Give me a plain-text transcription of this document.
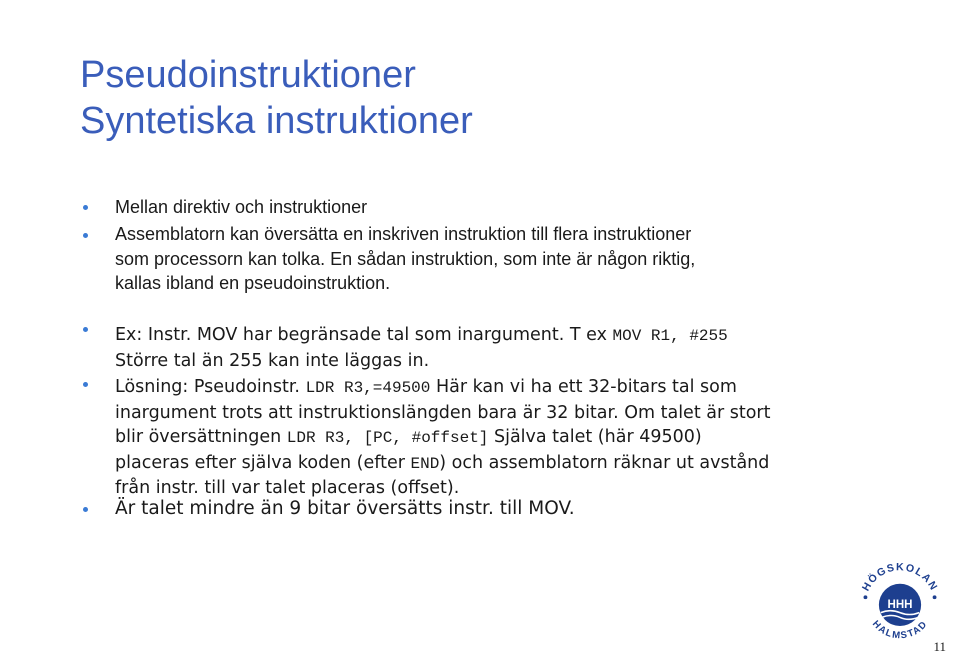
Pseudoinstruktioner
Syntetiska instruktioner
Mellan direktiv och instruktioner
Assemblatorn kan översätta en inskriven instruktion till flera instruktioner
som processorn kan tolka. En sådan instruktion, som inte är någon riktig,
kallas ibland en pseudoinstruktion.
Ex: Instr. MOV har begränsade tal som inargument. T ex MOV R1, #255
Större tal än 255 kan inte läggas in.
Lösning: Pseudoinstr. LDR R3,=49500 Här kan vi ha ett 32-bitars tal som
inargument trots att instruktionslängden bara är 32 bitar. Om talet är stort
blir översättningen LDR R3, [PC, #offset] Själva talet (här 49500)
placeras efter själva koden (efter END) och assemblatorn räknar ut avstånd
från instr. till var talet placeras (offset).
Är talet mindre än 9 bitar översätts instr. till MOV.
HÖGSKOLAN
HALMSTAD
HHH
11
